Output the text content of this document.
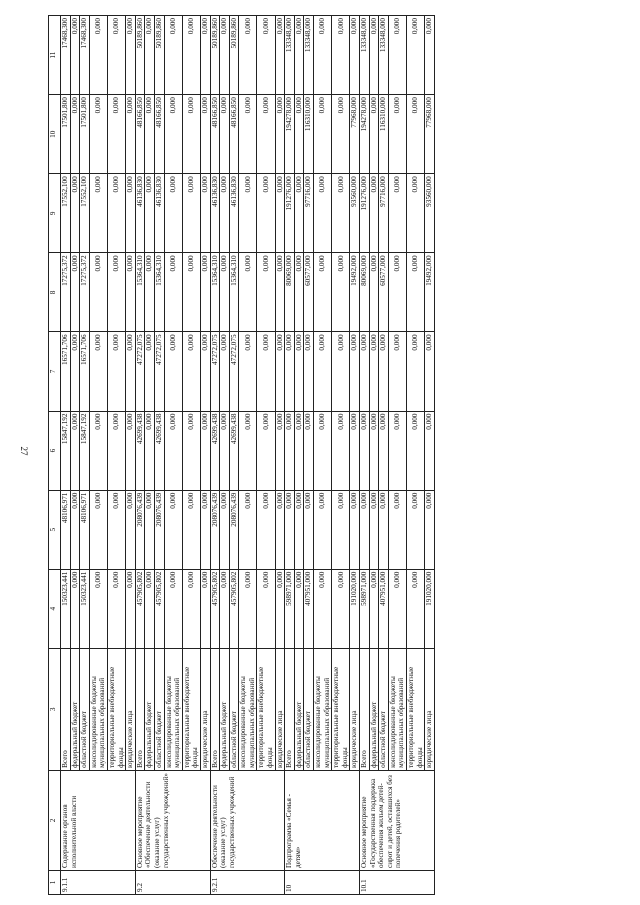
27
1	2	3	4	5	6	7	8	9	10	11
9.1.1	Содержание органов исполнительной власти	Всего	150323,441	48106,971	15847,192	16571,706	17275,372	17552,100	17501,800	17468,300
		федеральный бюджет	0,000	0,000	0,000	0,000	0,000	0,000	0,000	0,000
		областной бюджет	150323,441	48106,971	15847,192	16571,706	17275,372	17552,100	17501,800	17468,300
		консолидированные бюджеты муниципальных образований	0,000	0,000	0,000	0,000	0,000	0,000	0,000	0,000
		территориальные внебюджетные фонды	0,000	0,000	0,000	0,000	0,000	0,000	0,000	0,000
		юридические лица	0,000	0,000	0,000	0,000	0,000	0,000	0,000	0,000
9.2	Основное мероприятие «Обеспечение деятельности (оказание услуг) государственных учреждений»	Всего	457905,802	208076,439	42699,438	47272,075	15364,310	46136,830	48166,850	50189,860
		федеральный бюджет	0,000	0,000	0,000	0,000	0,000	0,000	0,000	0,000
		областной бюджет	457905,802	208076,439	42699,438	47272,075	15364,310	46136,830	48166,850	50189,860
		консолидированные бюджеты муниципальных образований	0,000	0,000	0,000	0,000	0,000	0,000	0,000	0,000
		территориальные внебюджетные фонды	0,000	0,000	0,000	0,000	0,000	0,000	0,000	0,000
		юридические лица	0,000	0,000	0,000	0,000	0,000	0,000	0,000	0,000
9.2.1	Обеспечение деятельности (оказание услуг) государственных учреждений	Всего	457905,802	208076,439	42699,438	47272,075	15364,310	46136,830	48166,850	50189,860
		федеральный бюджет	0,000	0,000	0,000	0,000	0,000	0,000	0,000	0,000
		областной бюджет	457905,802	208076,439	42699,438	47272,075	15364,310	46136,830	48166,850	50189,860
		консолидированные бюджеты муниципальных образований	0,000	0,000	0,000	0,000	0,000	0,000	0,000	0,000
		территориальные внебюджетные фонды	0,000	0,000	0,000	0,000	0,000	0,000	0,000	0,000
		юридические лица	0,000	0,000	0,000	0,000	0,000	0,000	0,000	0,000
10	Подпрограмма «Семья - детям»	Всего	598971,000	0,000	0,000	0,000	80069,000	191276,000	194278,000	133348,000
		федеральный бюджет	0,000	0,000	0,000	0,000	0,000	0,000	0,000	0,000
		областной бюджет	407951,000	0,000	0,000	0,000	60577,000	97716,000	116310,000	133348,000
		консолидированные бюджеты муниципальных образований	0,000	0,000	0,000	0,000	0,000	0,000	0,000	0,000
		территориальные внебюджетные фонды	0,000	0,000	0,000	0,000	0,000	0,000	0,000	0,000
		юридические лица	191020,000	0,000	0,000	0,000	19492,000	93560,000	77968,000	0,000
10.1	Основное мероприятие «Государственная поддержка обеспечения жильем детей-сирот и детей, оставшихся без попечения родителей»	Всего	598971,000	0,000	0,000	0,000	80069,000	191276,000	194278,000	133348,000
		федеральный бюджет	0,000	0,000	0,000	0,000	0,000	0,000	0,000	0,000
		областной бюджет	407951,000	0,000	0,000	0,000	60577,000	97716,000	116310,000	133348,000
		консолидированные бюджеты муниципальных образований	0,000	0,000	0,000	0,000	0,000	0,000	0,000	0,000
		территориальные внебюджетные фонды	0,000	0,000	0,000	0,000	0,000	0,000	0,000	0,000
		юридические лица	191020,000	0,000	0,000	0,000	19492,000	93560,000	77968,000	0,000
